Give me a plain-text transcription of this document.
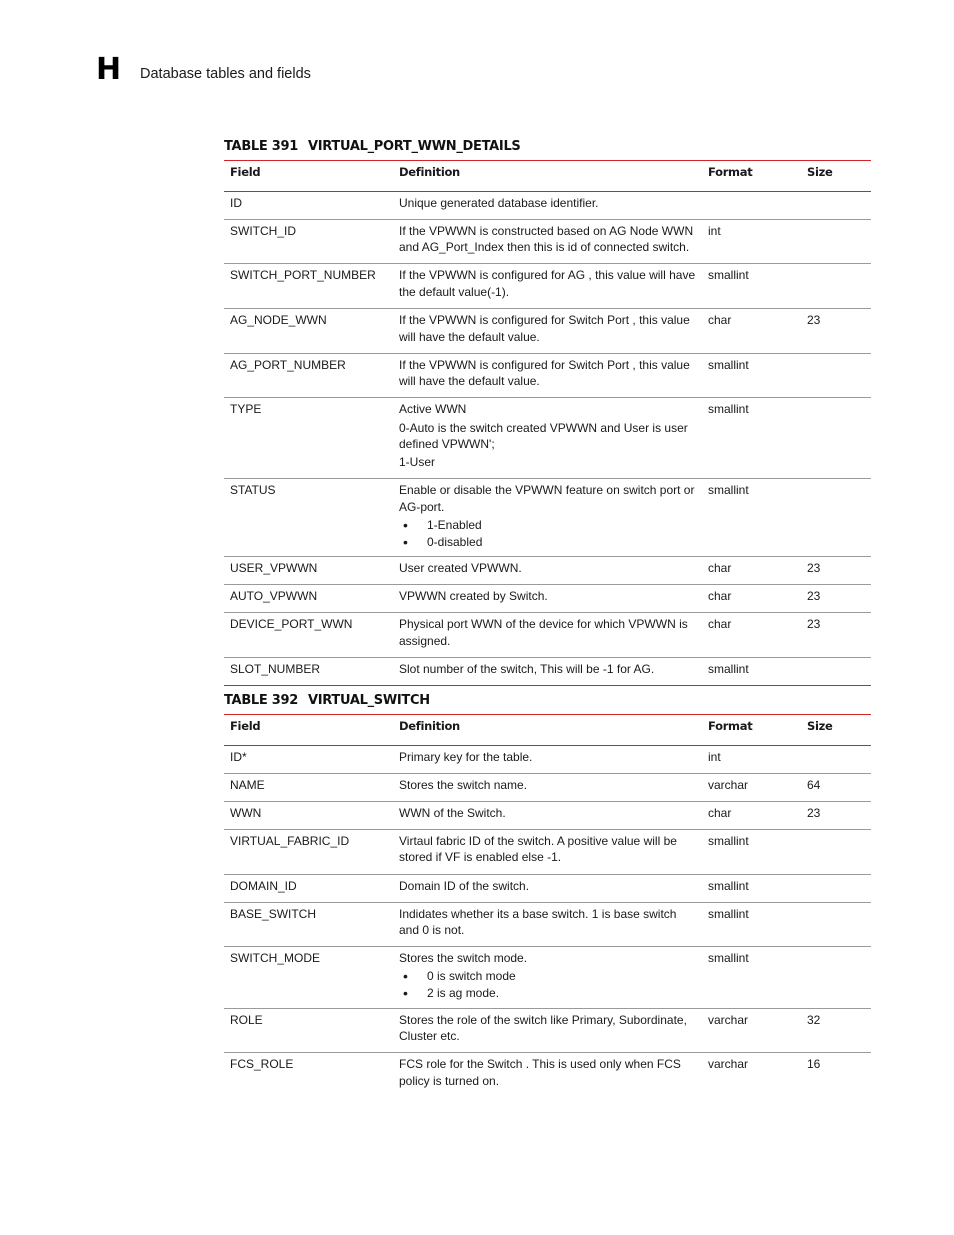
H Database tables and fields
TABLE 391 VIRTUAL_PORT_WWN_DETAILS
Field	Definition	Format	Size
ID	Unique generated database identifier.		

SWITCH_ID	If the VPWWN is constructed based on AG Node WWN and AG_Port_Index then this is id of connected switch.	int	
SWITCH_PORT_NUMBER	If the VPWWN is configured for AG , this value will have the default value(-1).	smallint	
AG_NODE_WWN	If the VPWWN is configured for Switch Port , this value will have the default value.	char	23
AG_PORT_NUMBER	If the VPWWN is configured for Switch Port , this value will have the default value.	smallint	
TYPE	Active WWN
0-Auto is the switch created VPWWN and User is user defined VPWWN';
1-User	smallint	
STATUS	Enable or disable the VPWWN feature on switch port or AG-port.
• 1-Enabled
• 0-disabled	smallint	
USER_VPWWN	User created VPWWN.	char	23
AUTO_VPWWN	VPWWN created by Switch.	char	23
DEVICE_PORT_WWN	Physical port WWN of the device for which VPWWN is assigned.	char	23
SLOT_NUMBER	Slot number of the switch, This will be -1 for AG.	smallint	
TABLE 392 VIRTUAL_SWITCH
Field	Definition	Format	Size
ID*	Primary key for the table.	int	
NAME	Stores the switch name.	varchar	64
WWN	WWN of the Switch.	char	23
VIRTUAL_FABRIC_ID	Virtaul fabric ID of the switch. A positive value will be stored if VF is enabled else -1.	smallint	
DOMAIN_ID	Domain ID of the switch.	smallint	
BASE_SWITCH	Indidates whether its a base switch. 1 is base switch and 0 is not.	smallint	
SWITCH_MODE	Stores the switch mode.
• 0 is switch mode
• 2 is ag mode.	smallint	
ROLE	Stores the role of the switch like Primary, Subordinate, Cluster etc.	varchar	32
FCS_ROLE	FCS role for the Switch . This is used only when FCS policy is turned on.	varchar	16
